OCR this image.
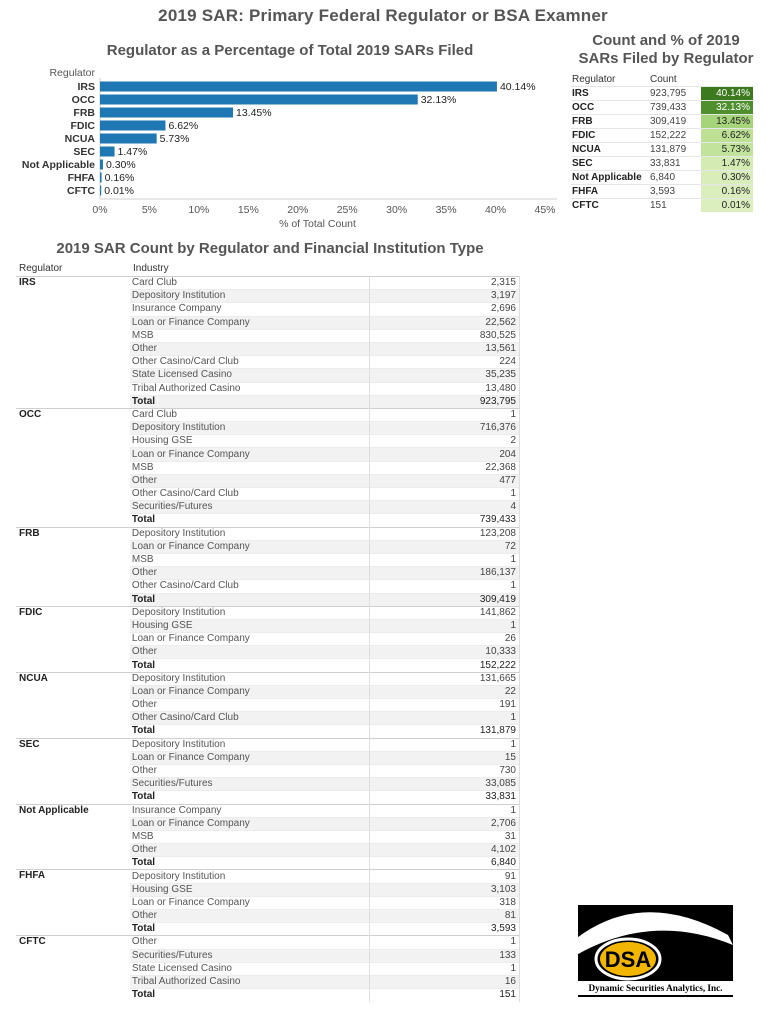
2019 SAR: Primary Federal Regulator or BSA Examner
Regulator as a Percentage of Total 2019 SARs Filed
Regulator
IRS	40.14%
OCC	32.13%
FRB	13.45%
FDIC	6.62%
NCUA	5.73%
SEC 1.47%
Not Applicable 0.30%
FHFA 0.16%
CFTC 0.01%
0%	5%	10%	15%	20%	25%	30%	35%	40%	45%
% of Total Count
Count and % of 2019
SARs Filed by Regulator
Regulator	Count	
IRS	923,795	40.14%
OCC	739,433	32.13%
FRB	309,419	13.45%
FDIC	152,222	6.62%
NCUA	131,879	5.73%
SEC	33,831	1.47%
Not Applicable	6,840	0.30%
FHFA	3,593	0.16%
CFTC	151	0.01%
2019 SAR Count by Regulator and Financial Institution Type
Regulator	Industry
IRS	Card Club	2,315
	Depository Institution	3,197
	Insurance Company	2,696
	Loan or Finance Company	22,562
	MSB	830,525
	Other	13,561
	Other Casino/Card Club	224
	State Licensed Casino	35,235
	Tribal Authorized Casino	13,480
	Total	923,795
OCC	Card Club	1
	Depository Institution	716,376
	Housing GSE	2
	Loan or Finance Company	204
	MSB	22,368
	Other	477
	Other Casino/Card Club	1
	Securities/Futures	4
	Total	739,433
FRB	Depository Institution	123,208
	Loan or Finance Company	72
	MSB	1
	Other	186,137
	Other Casino/Card Club	1
	Total	309,419
FDIC	Depository Institution	141,862
	Housing GSE	1
	Loan or Finance Company	26
	Other	10,333
	Total	152,222
NCUA	Depository Institution	131,665
	Loan or Finance Company	22
	Other	191
	Other Casino/Card Club	1
	Total	131,879
SEC	Depository Institution	1
	Loan or Finance Company	15
	Other	730
	Securities/Futures	33,085
	Total	33,831
Not Applicable	Insurance Company	1
	Loan or Finance Company	2,706
	MSB	31
	Other	4,102
	Total	6,840
FHFA	Depository Institution	91
	Housing GSE	3,103
	Loan or Finance Company	318
	Other	81
	Total	3,593
CFTC	Other	1
	Securities/Futures	133
	State Licensed Casino	1
	Tribal Authorized Casino	16
	Total	151
DSA
Dynamic Securities Analytics, Inc.
